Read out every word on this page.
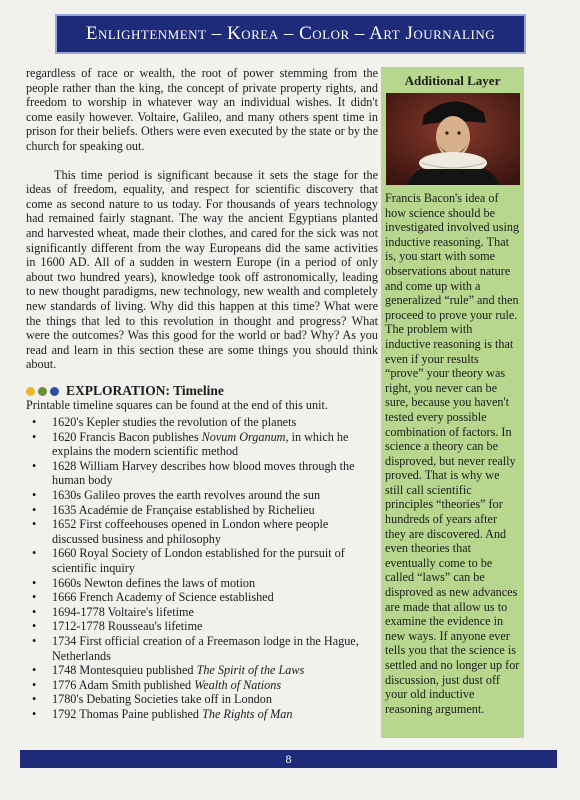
Enlightenment – Korea – Color – Art Journaling

regardless of race or wealth, the root of power stemming from the people rather than the king, the concept of private property rights, and freedom to worship in whatever way an individual wishes. It didn't come easily however. Voltaire, Galileo, and many others spent time in prison for their beliefs. Others were even executed by the state or by the church for speaking out.

This time period is significant because it sets the stage for the ideas of freedom, equality, and respect for scientific discovery that come as second nature to us today. For thousands of years technology had remained fairly stagnant. The way the ancient Egyptians planted and harvested wheat, made their clothes, and cared for the sick was not significantly different from the way Europeans did the same activities in 1600 AD. All of a sudden in western Europe (in a period of only about two hundred years), knowledge took off astronomically, leading to new thought paradigms, new technology, new wealth and completely new standards of living. Why did this happen at this time? What were the things that led to this revolution in thought and progress? What were the outcomes? Was this good for the world or bad? Why? As you read and learn in this section these are some things you should think about.

EXPLORATION: Timeline
Printable timeline squares can be found at the end of this unit.
• 1620's Kepler studies the revolution of the planets
• 1620 Francis Bacon publishes Novum Organum, in which he explains the modern scientific method
• 1628 William Harvey describes how blood moves through the human body
• 1630s Galileo proves the earth revolves around the sun
• 1635 Académie de Française established by Richelieu
• 1652 First coffeehouses opened in London where people discussed business and philosophy
• 1660 Royal Society of London established for the pursuit of scientific inquiry
• 1660s Newton defines the laws of motion
• 1666 French Academy of Science established
• 1694-1778 Voltaire's lifetime
• 1712-1778 Rousseau's lifetime
• 1734 First official creation of a Freemason lodge in the Hague, Netherlands
• 1748 Montesquieu published The Spirit of the Laws
• 1776 Adam Smith published Wealth of Nations
• 1780's Debating Societies take off in London
• 1792 Thomas Paine published The Rights of Man
Additional Layer
Francis Bacon's idea of how science should be investigated involved using inductive reasoning. That is, you start with some observations about nature and come up with a generalized “rule” and then proceed to prove your rule. The problem with inductive reasoning is that even if your results “prove” your theory was right, you never can be sure, because you haven't tested every possible combination of factors. In science a theory can be disproved, but never really proved. That is why we still call scientific principles “theories” for hundreds of years after they are discovered. And even theories that eventually come to be called “laws” can be disproved as new advances are made that allow us to examine the evidence in new ways. If anyone ever tells you that the science is settled and no longer up for discussion, just dust off your old inductive reasoning argument.
8
